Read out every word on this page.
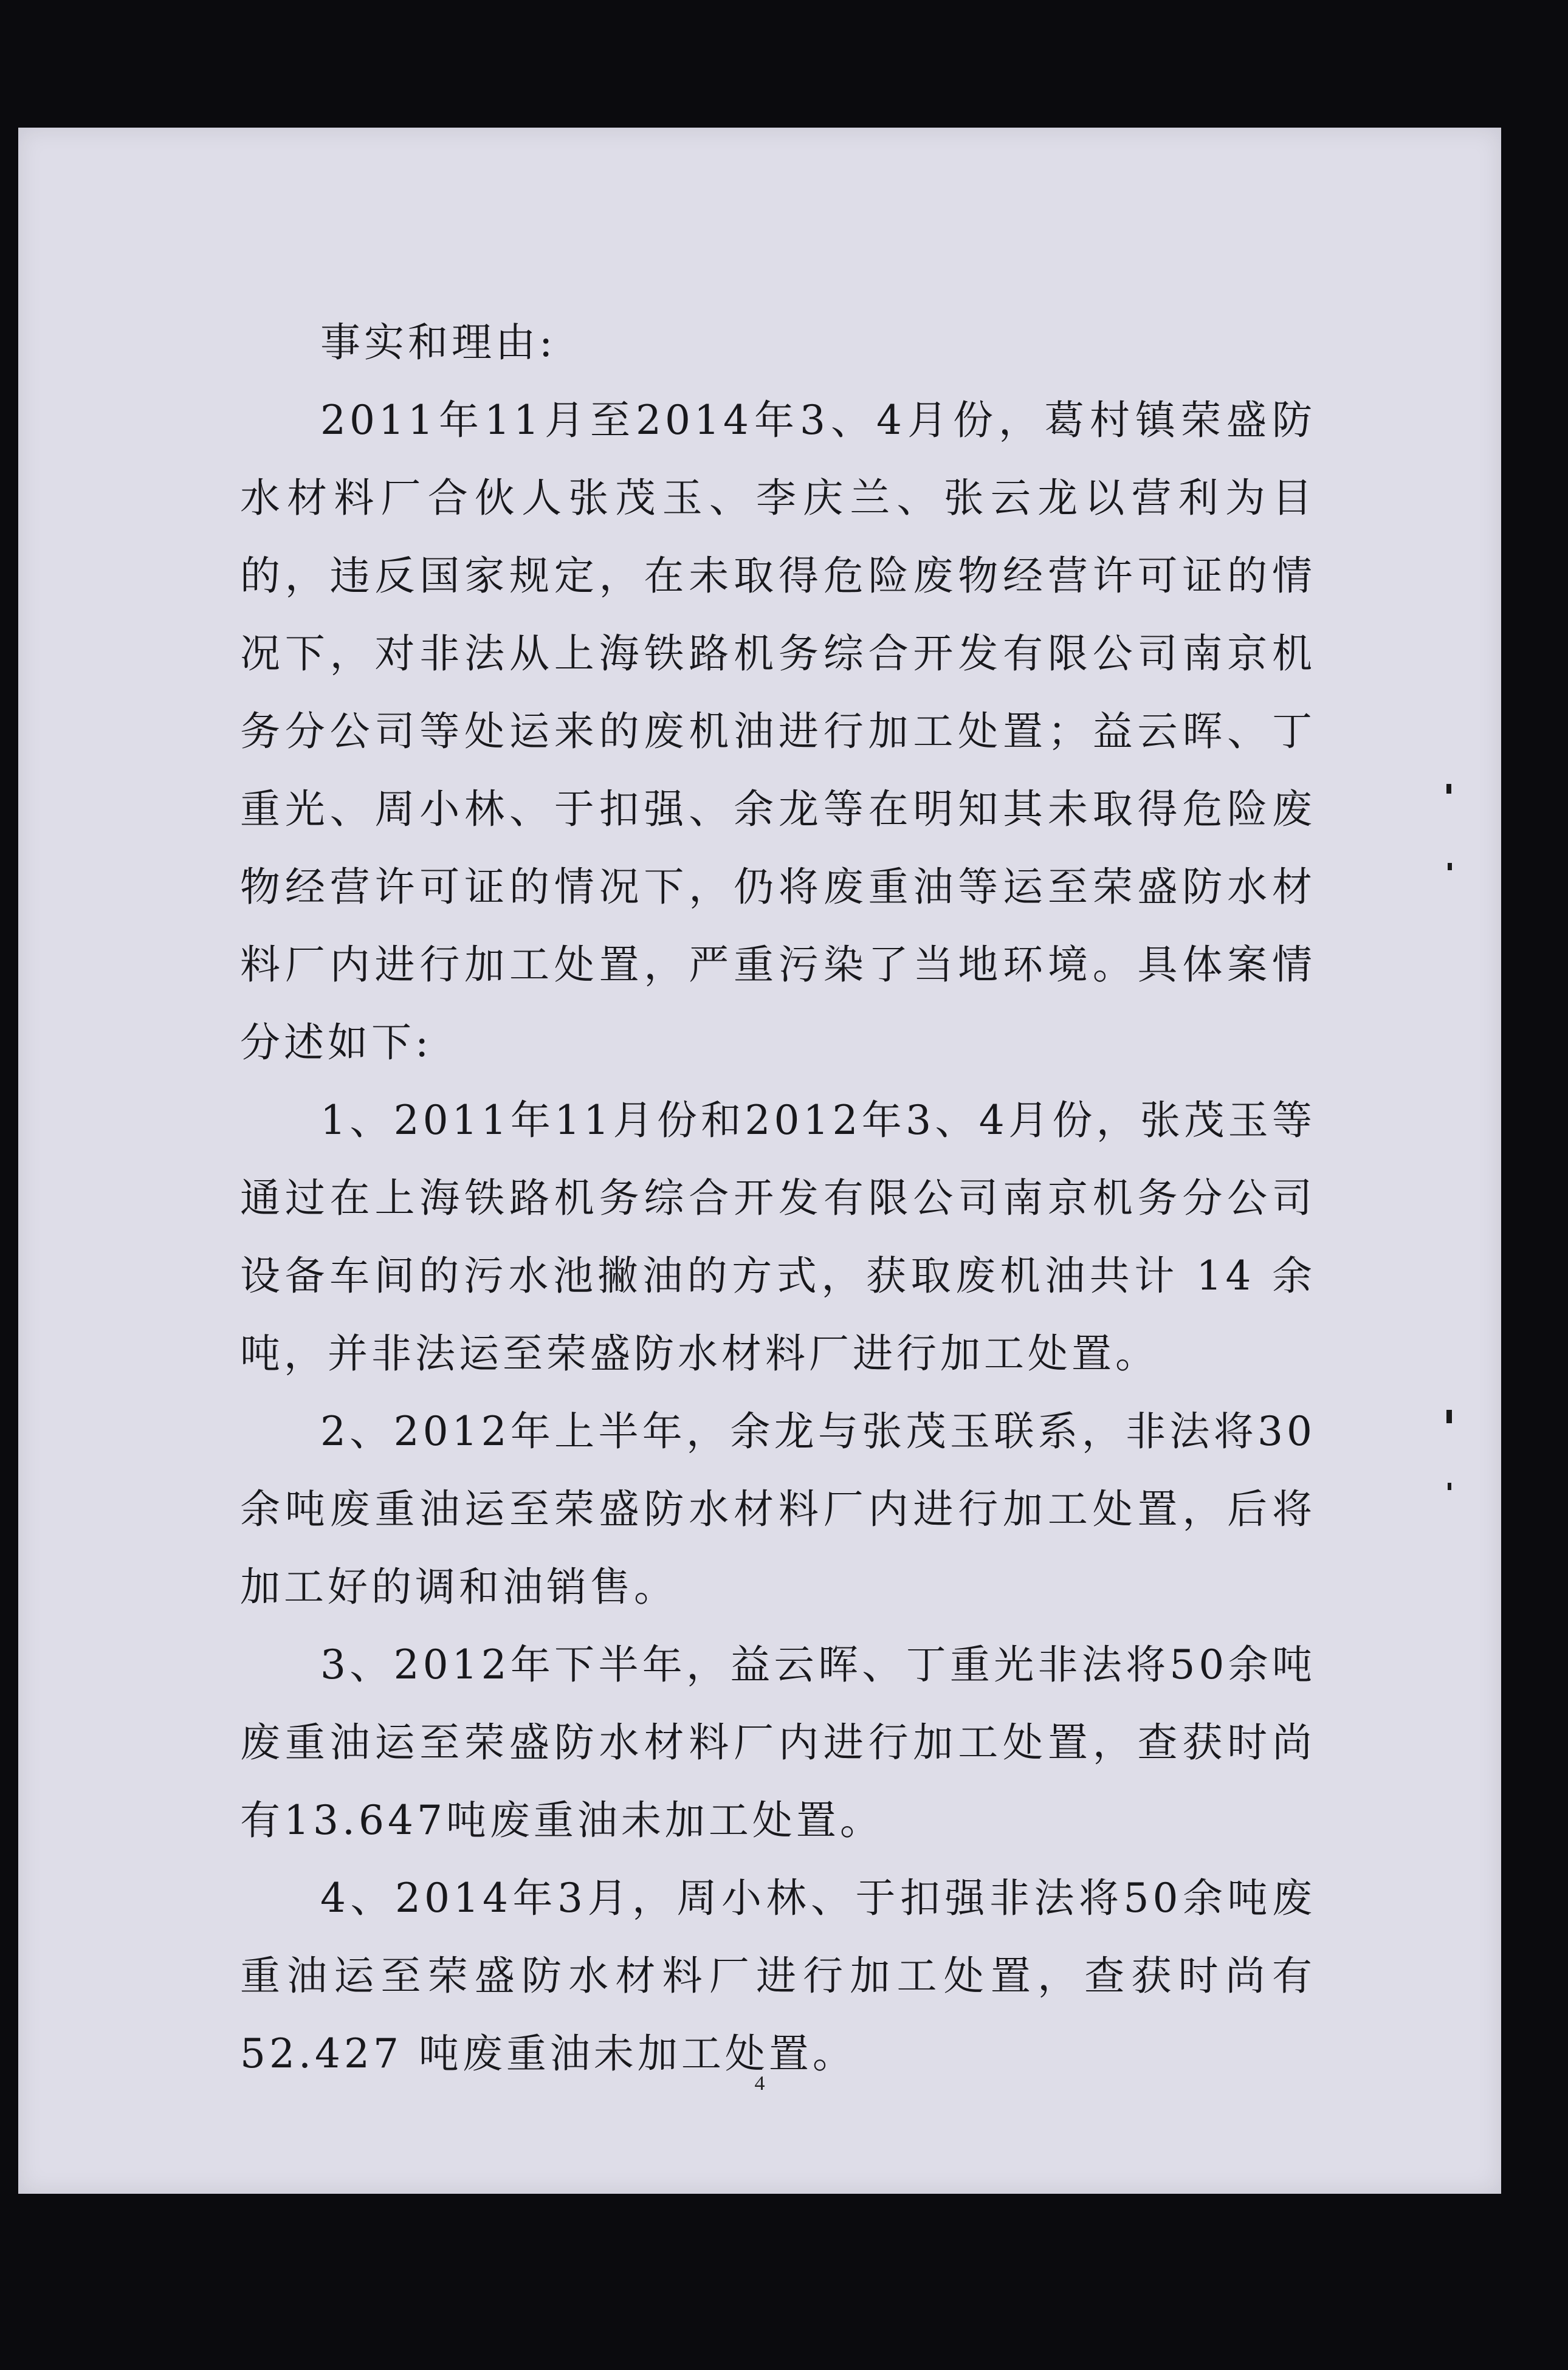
事实和理由:

2011年11月至2014年3、4月份，葛村镇荣盛防水材料厂合伙人张茂玉、李庆兰、张云龙以营利为目的，违反国家规定，在未取得危险废物经营许可证的情况下，对非法从上海铁路机务综合开发有限公司南京机务分公司等处运来的废机油进行加工处置；益云晖、丁重光、周小林、于扣强、余龙等在明知其未取得危险废物经营许可证的情况下，仍将废重油等运至荣盛防水材料厂内进行加工处置，严重污染了当地环境。具体案情分述如下:

1、2011年11月份和2012年3、4月份，张茂玉等通过在上海铁路机务综合开发有限公司南京机务分公司设备车间的污水池撇油的方式，获取废机油共计 14 余吨，并非法运至荣盛防水材料厂进行加工处置。

2、2012年上半年，余龙与张茂玉联系，非法将30余吨废重油运至荣盛防水材料厂内进行加工处置，后将加工好的调和油销售。

3、2012年下半年，益云晖、丁重光非法将50余吨废重油运至荣盛防水材料厂内进行加工处置，查获时尚有13.647吨废重油未加工处置。

4、2014年3月，周小林、于扣强非法将50余吨废重油运至荣盛防水材料厂进行加工处置，查获时尚有 52.427 吨废重油未加工处置。

4
